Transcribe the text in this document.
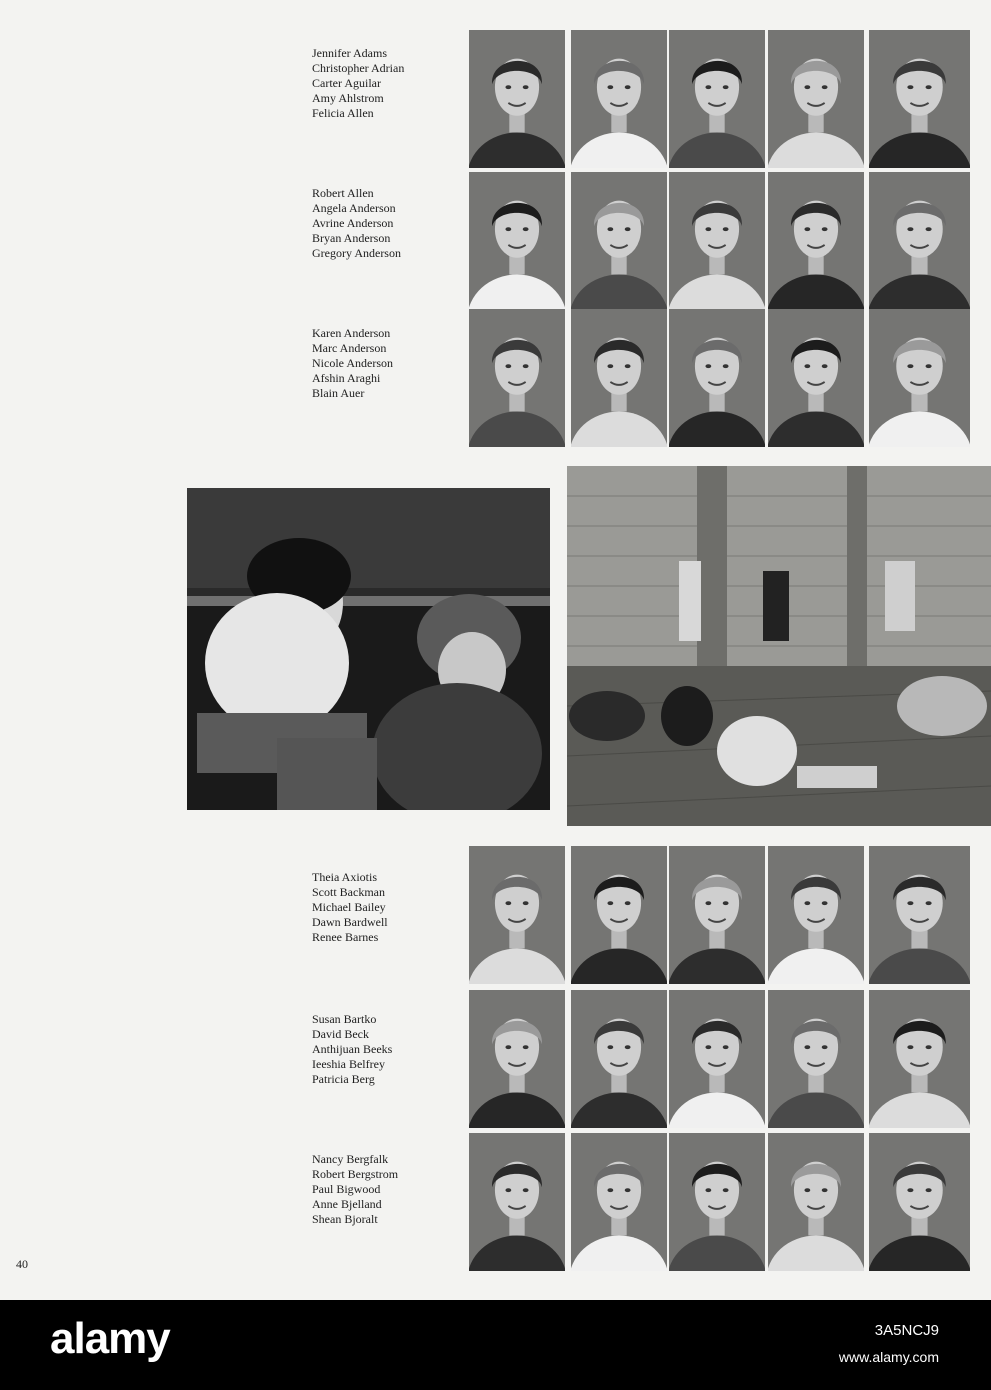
Jennifer Adams
Christopher Adrian
Carter Aguilar
Amy Ahlstrom
Felicia Allen
Robert Allen
Angela Anderson
Avrine Anderson
Bryan Anderson
Gregory Anderson
Karen Anderson
Marc Anderson
Nicole Anderson
Afshin Araghi
Blain Auer
Theia Axiotis
Scott Backman
Michael Bailey
Dawn Bardwell
Renee Barnes
Susan Bartko
David Beck
Anthijuan Beeks
Ieeshia Belfrey
Patricia Berg
Nancy Bergfalk
Robert Bergstrom
Paul Bigwood
Anne Bjelland
Shean Bjoralt
40
alamy	3A5NCJ9
www.alamy.com
